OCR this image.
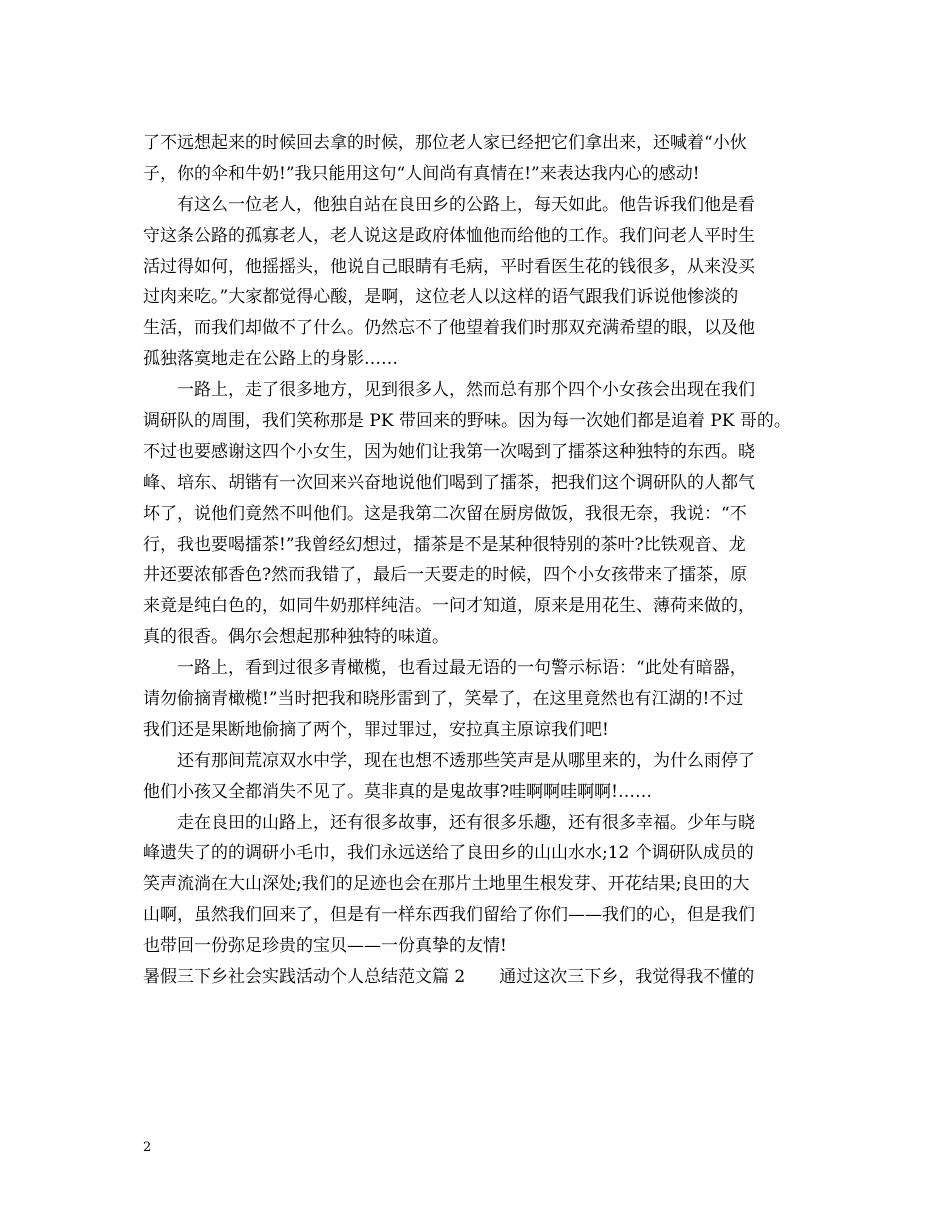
了不远想起来的时候回去拿的时候，那位老人家已经把它们拿出来，还喊着“小伙
子，你的伞和牛奶!”我只能用这句“人间尚有真情在!”来表达我内心的感动!
有这么一位老人，他独自站在良田乡的公路上，每天如此。他告诉我们他是看
守这条公路的孤寡老人，老人说这是政府体恤他而给他的工作。我们问老人平时生
活过得如何，他摇摇头，他说自己眼睛有毛病，平时看医生花的钱很多，从来没买
过肉来吃。”大家都觉得心酸，是啊，这位老人以这样的语气跟我们诉说他惨淡的
生活，而我们却做不了什么。仍然忘不了他望着我们时那双充满希望的眼，以及他
孤独落寞地走在公路上的身影……
一路上，走了很多地方，见到很多人，然而总有那个四个小女孩会出现在我们
调研队的周围，我们笑称那是 PK 带回来的野味。因为每一次她们都是追着 PK 哥的。
不过也要感谢这四个小女生，因为她们让我第一次喝到了擂茶这种独特的东西。晓
峰、培东、胡锴有一次回来兴奋地说他们喝到了擂茶，把我们这个调研队的人都气
坏了，说他们竟然不叫他们。这是我第二次留在厨房做饭，我很无奈，我说：“不
行，我也要喝擂茶!”我曾经幻想过，擂茶是不是某种很特别的茶叶?比铁观音、龙
井还要浓郁香色?然而我错了，最后一天要走的时候，四个小女孩带来了擂茶，原
来竟是纯白色的，如同牛奶那样纯洁。一问才知道，原来是用花生、薄荷来做的，
真的很香。偶尔会想起那种独特的味道。
一路上，看到过很多青橄榄，也看过最无语的一句警示标语：“此处有暗器，
请勿偷摘青橄榄!”当时把我和晓彤雷到了，笑晕了，在这里竟然也有江湖的!不过
我们还是果断地偷摘了两个，罪过罪过，安拉真主原谅我们吧!
还有那间荒凉双水中学，现在也想不透那些笑声是从哪里来的，为什么雨停了
他们小孩又全都消失不见了。莫非真的是鬼故事?哇啊啊哇啊啊!……
走在良田的山路上，还有很多故事，还有很多乐趣，还有很多幸福。少年与晓
峰遗失了的的调研小毛巾，我们永远送给了良田乡的山山水水;12 个调研队成员的
笑声流淌在大山深处;我们的足迹也会在那片土地里生根发芽、开花结果;良田的大
山啊，虽然我们回来了，但是有一样东西我们留给了你们——我们的心，但是我们
也带回一份弥足珍贵的宝贝——一份真挚的友情!
暑假三下乡社会实践活动个人总结范文篇 2　　通过这次三下乡，我觉得我不懂的
2
